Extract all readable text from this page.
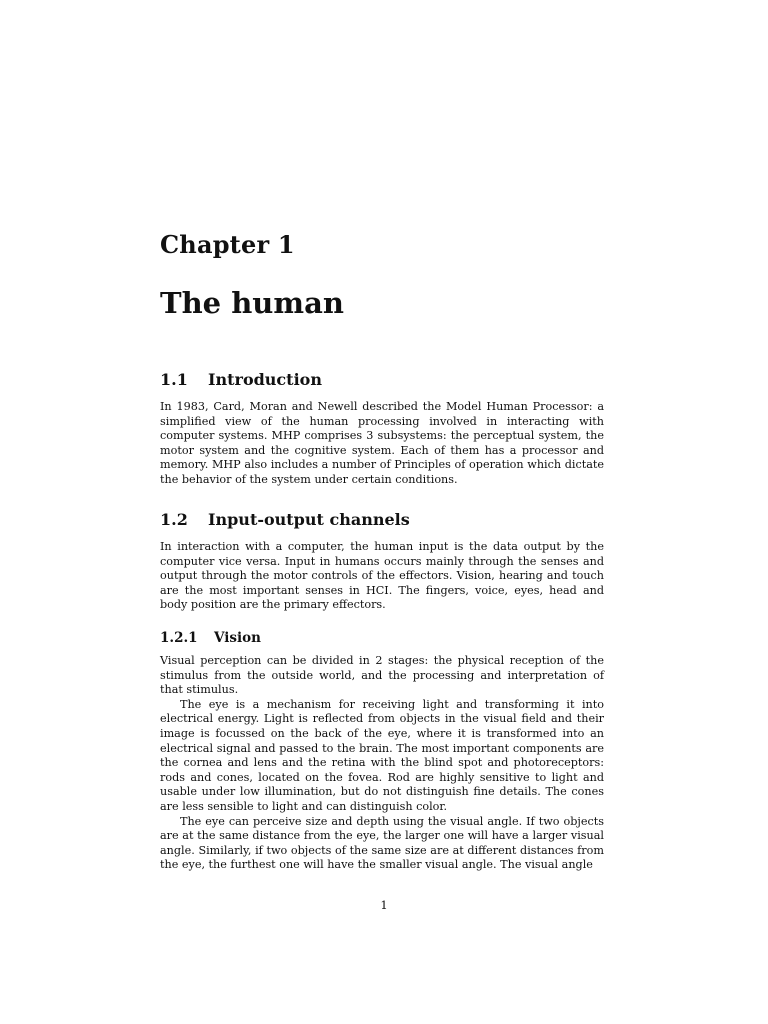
Chapter 1
The human
1.1 Introduction

In 1983, Card, Moran and Newell described the Model Human Processor: a simplified view of the human processing involved in interacting with computer systems. MHP comprises 3 subsystems: the perceptual system, the motor system and the cognitive system. Each of them has a processor and memory. MHP also includes a number of Principles of operation which dictate the behavior of the system under certain conditions.

1.2 Input-output channels

In interaction with a computer, the human input is the data output by the computer vice versa. Input in humans occurs mainly through the senses and output through the motor controls of the effectors. Vision, hearing and touch are the most important senses in HCI. The fingers, voice, eyes, head and body position are the primary effectors.

1.2.1 Vision

Visual perception can be divided in 2 stages: the physical reception of the stimulus from the outside world, and the processing and interpretation of that stimulus.

The eye is a mechanism for receiving light and transforming it into electrical energy. Light is reflected from objects in the visual field and their image is focussed on the back of the eye, where it is transformed into an electrical signal and passed to the brain. The most important components are the cornea and lens and the retina with the blind spot and photoreceptors: rods and cones, located on the fovea. Rod are highly sensitive to light and usable under low illumination, but do not distinguish fine details. The cones are less sensible to light and can distinguish color.

The eye can perceive size and depth using the visual angle. If two objects are at the same distance from the eye, the larger one will have a larger visual angle. Similarly, if two objects of the same size are at different distances from the eye, the furthest one will have the smaller visual angle. The visual angle

1
